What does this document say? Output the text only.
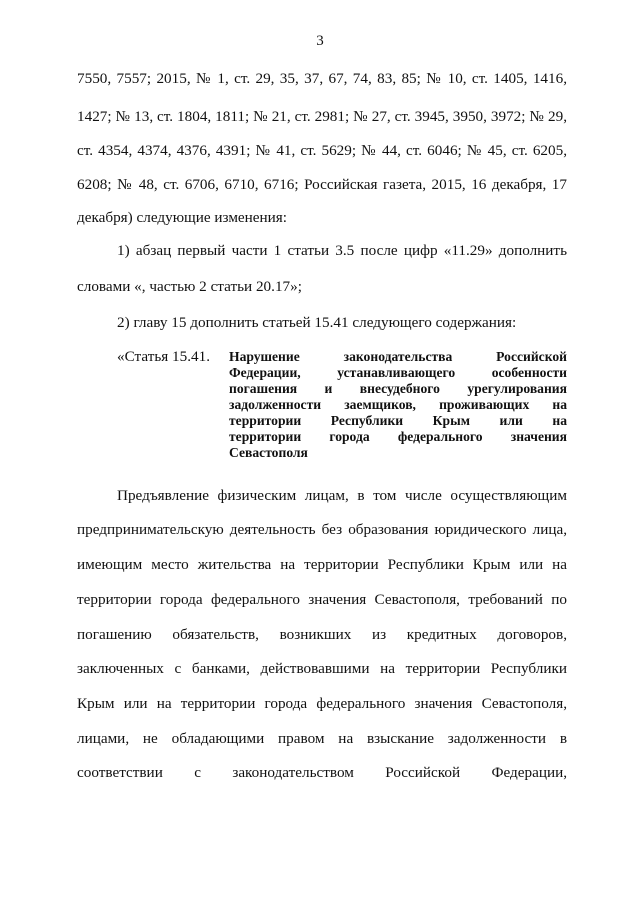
3
7550, 7557; 2015, № 1, ст. 29, 35, 37, 67, 74, 83, 85; № 10, ст. 1405, 1416,
1427; № 13, ст. 1804, 1811; № 21, ст. 2981; № 27, ст. 3945, 3950, 3972; № 29,
ст. 4354, 4374, 4376, 4391; № 41, ст. 5629; № 44, ст. 6046; № 45, ст. 6205,
6208; № 48, ст. 6706, 6710, 6716; Российская газета, 2015, 16 декабря, 17
декабря) следующие изменения:
1) абзац первый части 1 статьи 3.5 после цифр «11.29» дополнить
словами «, частью 2 статьи 20.17»;
2) главу 15 дополнить статьей 15.41 следующего содержания:
«Статья 15.41. Нарушение законодательства Российской
Федерации, устанавливающего особенности
погашения и внесудебного урегулирования
задолженности заемщиков, проживающих на
территории Республики Крым или на
территории города федерального значения
Севастополя
Предъявление физическим лицам, в том числе осуществляющим
предпринимательскую деятельность без образования юридического лица,
имеющим место жительства на территории Республики Крым или на
территории города федерального значения Севастополя, требований по
погашению обязательств, возникших из кредитных договоров,
заключенных с банками, действовавшими на территории Республики
Крым или на территории города федерального значения Севастополя,
лицами, не обладающими правом на взыскание задолженности в
соответствии с законодательством Российской Федерации,
